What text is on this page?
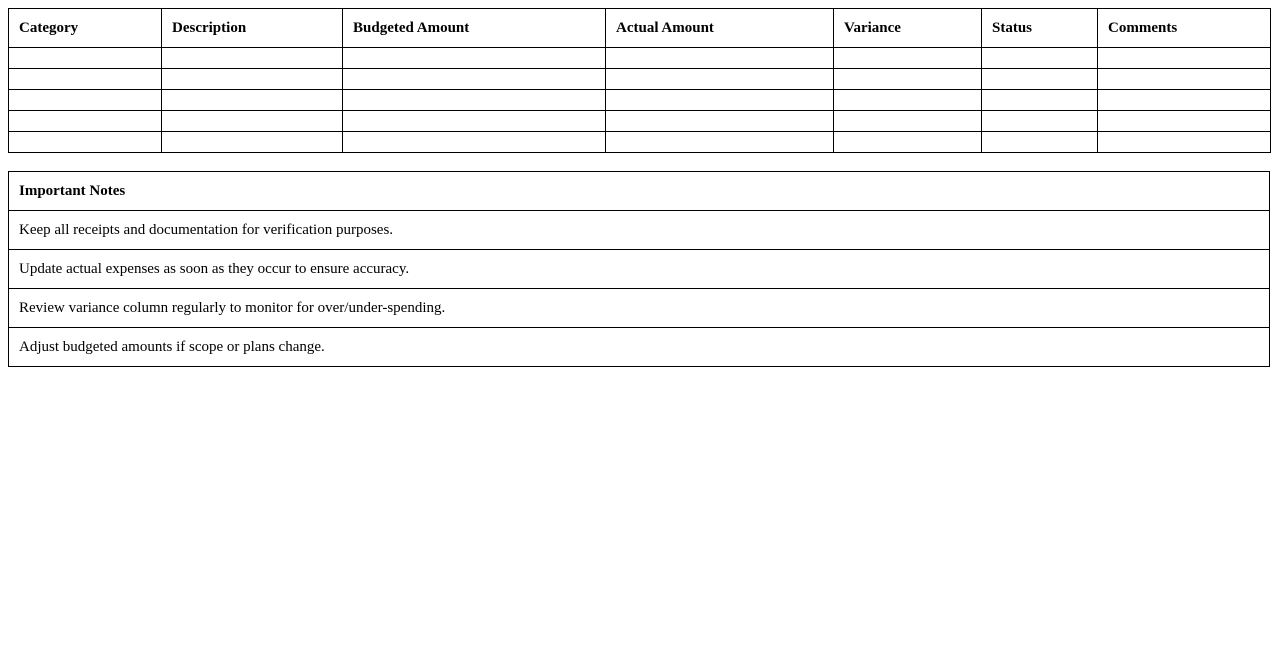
Category	Description	Budgeted Amount	Actual Amount	Variance	Status	Comments

Important Notes
Keep all receipts and documentation for verification purposes.
Update actual expenses as soon as they occur to ensure accuracy.
Review variance column regularly to monitor for over/under-spending.
Adjust budgeted amounts if scope or plans change.
